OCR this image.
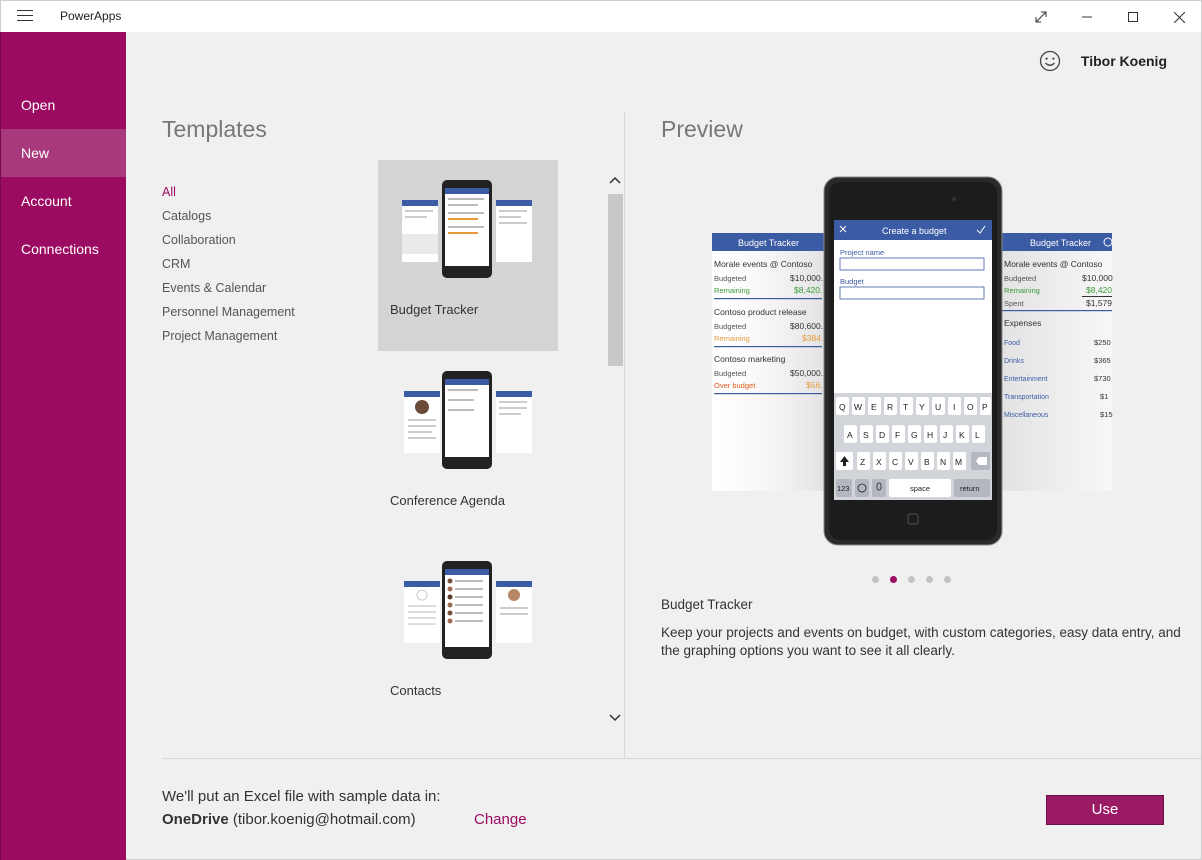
PowerApps
Open
New
Account
Connections
Tibor Koenig
Templates	Preview
All
Catalogs
Collaboration
CRM
Events & Calendar
Personnel Management
Project Management
Budget Tracker
Conference Agenda
Contacts
Budget Tracker
Morale events @ Contoso
Budgeted	$10,000.
Remaining	$8,420.
Contoso product release
Budgeted	$80,600.
Remaining	$384.
Contoso marketing
Budgeted	$50,000.
Over budget	$56.
Budget Tracker
Morale events @ Contoso
Budgeted	$10,000
Remaining	$8,420
Spent	$1,579
Expenses
Food	$250
Drinks	$365
Entertainment	$730
Transportation	$1
Miscellaneous	$15
Create a budget
Project name
Budget
Q W E R T Y U I O P
A S D F G H J K L
Z X C V B N M
123	space	return
Budget Tracker
Keep your projects and events on budget, with custom categories, easy data entry, and the graphing options you want to see it all clearly.
We'll put an Excel file with sample data in:
OneDrive (tibor.koenig@hotmail.com)	Change
Use
